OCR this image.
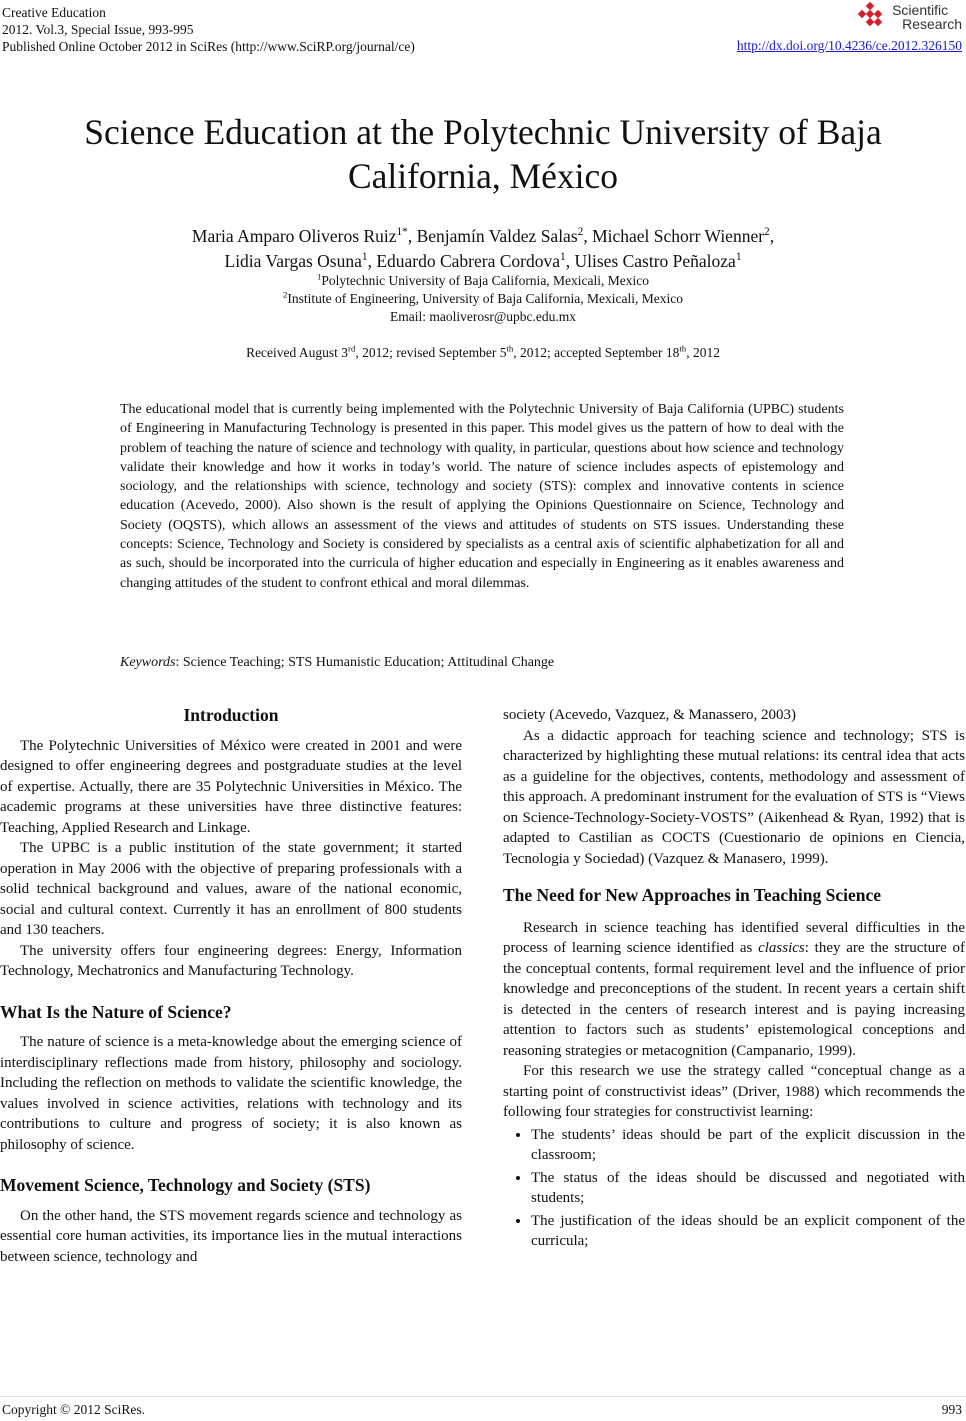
Creative Education
2012. Vol.3, Special Issue, 993-995
Published Online October 2012 in SciRes (http://www.SciRP.org/journal/ce)
Scientific
Research
http://dx.doi.org/10.4236/ce.2012.326150
Science Education at the Polytechnic University of Baja
California, México
Maria Amparo Oliveros Ruiz$^{1*}$, Benjamín Valdez Salas$^2$, Michael Schorr Wienner$^2$,
Lidia Vargas Osuna$^1$, Eduardo Cabrera Cordova$^1$, Ulises Castro Peñaloza$^1$
$^1$Polytechnic University of Baja California, Mexicali, Mexico
$^2$Institute of Engineering, University of Baja California, Mexicali, Mexico
Email: maoliverosr@upbc.edu.mx
Received August 3rd, 2012; revised September 5th, 2012; accepted September 18th, 2012
The educational model that is currently being implemented with the Polytechnic University of Baja California (UPBC) students of Engineering in Manufacturing Technology is presented in this paper. This model gives us the pattern of how to deal with the problem of teaching the nature of science and technology with quality, in particular, questions about how science and technology validate their knowledge and how it works in today’s world. The nature of science includes aspects of epistemology and sociology, and the relationships with science, technology and society (STS): complex and innovative contents in science education (Acevedo, 2000). Also shown is the result of applying the Opinions Questionnaire on Science, Technology and Society (OQSTS), which allows an assessment of the views and attitudes of students on STS issues. Understanding these concepts: Science, Technology and Society is considered by specialists as a central axis of scientific alphabetization for all and as such, should be incorporated into the curricula of higher education and especially in Engineering as it enables awareness and changing attitudes of the student to confront ethical and moral dilemmas.
Keywords: Science Teaching; STS Humanistic Education; Attitudinal Change
Introduction

The Polytechnic Universities of México were created in 2001 and were designed to offer engineering degrees and postgraduate studies at the level of expertise. Actually, there are 35 Polytechnic Universities in México. The academic programs at these universities have three distinctive features: Teaching, Applied Research and Linkage.

The UPBC is a public institution of the state government; it started operation in May 2006 with the objective of preparing professionals with a solid technical background and values, aware of the national economic, social and cultural context. Currently it has an enrollment of 800 students and 130 teachers.

The university offers four engineering degrees: Energy, Information Technology, Mechatronics and Manufacturing Technology.

What Is the Nature of Science?

The nature of science is a meta-knowledge about the emerging science of interdisciplinary reflections made from history, philosophy and sociology. Including the reflection on methods to validate the scientific knowledge, the values involved in science activities, relations with technology and its contributions to culture and progress of society; it is also known as philosophy of science.

Movement Science, Technology and Society (STS)

On the other hand, the STS movement regards science and technology as essential core human activities, its importance lies in the mutual interactions between science, technology and

society (Acevedo, Vazquez, & Manassero, 2003)

As a didactic approach for teaching science and technology; STS is characterized by highlighting these mutual relations: its central idea that acts as a guideline for the objectives, contents, methodology and assessment of this approach. A predominant instrument for the evaluation of STS is “Views on Science-Technology-Society-VOSTS” (Aikenhead & Ryan, 1992) that is adapted to Castilian as COCTS (Cuestionario de opinions en Ciencia, Tecnologia y Sociedad) (Vazquez & Manasero, 1999).

The Need for New Approaches in Teaching Science

Research in science teaching has identified several difficulties in the process of learning science identified as classics: they are the structure of the conceptual contents, formal requirement level and the influence of prior knowledge and preconceptions of the student. In recent years a certain shift is detected in the centers of research interest and is paying increasing attention to factors such as students’ epistemological conceptions and reasoning strategies or metacognition (Campanario, 1999).

For this research we use the strategy called “conceptual change as a starting point of constructivist ideas” (Driver, 1988) which recommends the following four strategies for constructivist learning:

• The students’ ideas should be part of the explicit discussion in the classroom;
• The status of the ideas should be discussed and negotiated with students;
• The justification of the ideas should be an explicit component of the curricula;
Copyright © 2012 SciRes.	993
